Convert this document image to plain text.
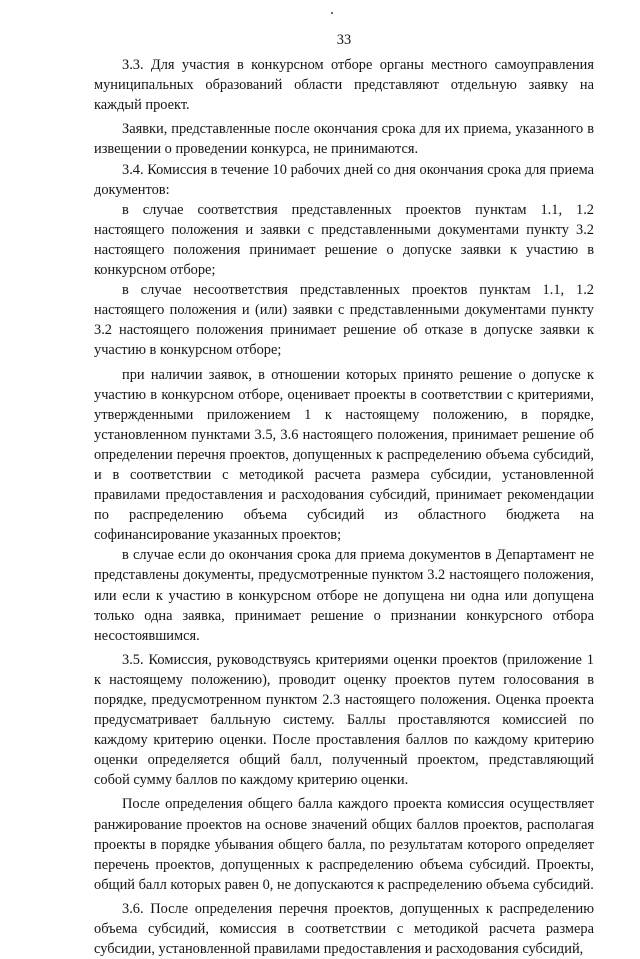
33

3.3. Для участия в конкурсном отборе органы местного самоуправления муниципальных образований области представляют отдельную заявку на каждый проект.

Заявки, представленные после окончания срока для их приема, указанного в извещении о проведении конкурса, не принимаются.

3.4. Комиссия в течение 10 рабочих дней со дня окончания срока для приема документов:

в случае соответствия представленных проектов пунктам 1.1, 1.2 настоящего положения и заявки с представленными документами пункту 3.2 настоящего положения принимает решение о допуске заявки к участию в конкурсном отборе;

в случае несоответствия представленных проектов пунктам 1.1, 1.2 настоящего положения и (или) заявки с представленными документами пункту 3.2 настоящего положения принимает решение об отказе в допуске заявки к участию в конкурсном отборе;

при наличии заявок, в отношении которых принято решение о допуске к участию в конкурсном отборе, оценивает проекты в соответствии с критериями, утвержденными приложением 1 к настоящему положению, в порядке, установленном пунктами 3.5, 3.6 настоящего положения, принимает решение об определении перечня проектов, допущенных к распределению объема субсидий, и в соответствии с методикой расчета размера субсидии, установленной правилами предоставления и расходования субсидий, принимает рекомендации по распределению объема субсидий из областного бюджета на софинансирование указанных проектов;

в случае если до окончания срока для приема документов в Департамент не представлены документы, предусмотренные пунктом 3.2 настоящего положения, или если к участию в конкурсном отборе не допущена ни одна или допущена только одна заявка, принимает решение о признании конкурсного отбора несостоявшимся.

3.5. Комиссия, руководствуясь критериями оценки проектов (приложение 1 к настоящему положению), проводит оценку проектов путем голосования в порядке, предусмотренном пунктом 2.3 настоящего положения. Оценка проекта предусматривает балльную систему. Баллы проставляются комиссией по каждому критерию оценки. После проставления баллов по каждому критерию оценки определяется общий балл, полученный проектом, представляющий собой сумму баллов по каждому критерию оценки.

После определения общего балла каждого проекта комиссия осуществляет ранжирование проектов на основе значений общих баллов проектов, располагая проекты в порядке убывания общего балла, по результатам которого определяет перечень проектов, допущенных к распределению объема субсидий. Проекты, общий балл которых равен 0, не допускаются к распределению объема субсидий.

3.6. После определения перечня проектов, допущенных к распределению объема субсидий, комиссия в соответствии с методикой расчета размера субсидии, установленной правилами предоставления и расходования субсидий,
